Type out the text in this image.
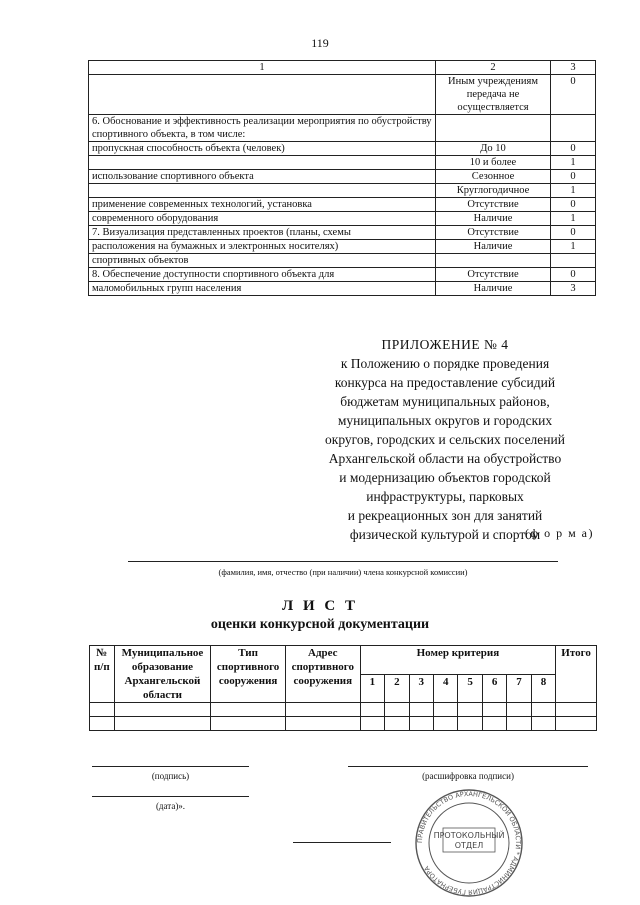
119
1	2	3
	Иным учреждениям передача не осуществляется	0
6. Обоснование и эффективность реализации мероприятия по обустройству спортивного объекта, в том числе:		
пропускная способность объекта (человек)	До 10	0
	10 и более	1
использование спортивного объекта	Сезонное	0
	Круглогодичное	1
применение современных технологий, установка	Отсутствие	0
современного оборудования	Наличие	1
7. Визуализация представленных проектов (планы, схемы	Отсутствие	0
расположения на бумажных и электронных носителях)	Наличие	1
спортивных объектов		
8. Обеспечение доступности спортивного объекта для	Отсутствие	0
маломобильных групп населения	Наличие	3
ПРИЛОЖЕНИЕ № 4
к Положению о порядке проведения
конкурса на предоставление субсидий
бюджетам муниципальных районов,
муниципальных округов и городских
округов, городских и сельских поселений
Архангельской области на обустройство
и модернизацию объектов городской
инфраструктуры, парковых
и рекреационных зон для занятий
физической культурой и спортом
(ф о р м а)
(фамилия, имя, отчество (при наличии) члена конкурсной комиссии)
Л И С Т
оценки конкурсной документации
№ п/п	Муниципальное образование Архангельской области	Тип спортивного сооружения	Адрес спортивного сооружения	Номер критерия								Итого
				1	2	3	4	5	6	7	8	

(подпись)	(расшифровка подписи)
(дата)».
ПРАВИТЕЛЬСТВО АРХАНГЕЛЬСКОЙ ОБЛАСТИ * АДМИНИСТРАЦИЯ ГУБЕРНАТОРА
ПРОТОКОЛЬНЫЙ
ОТДЕЛ
